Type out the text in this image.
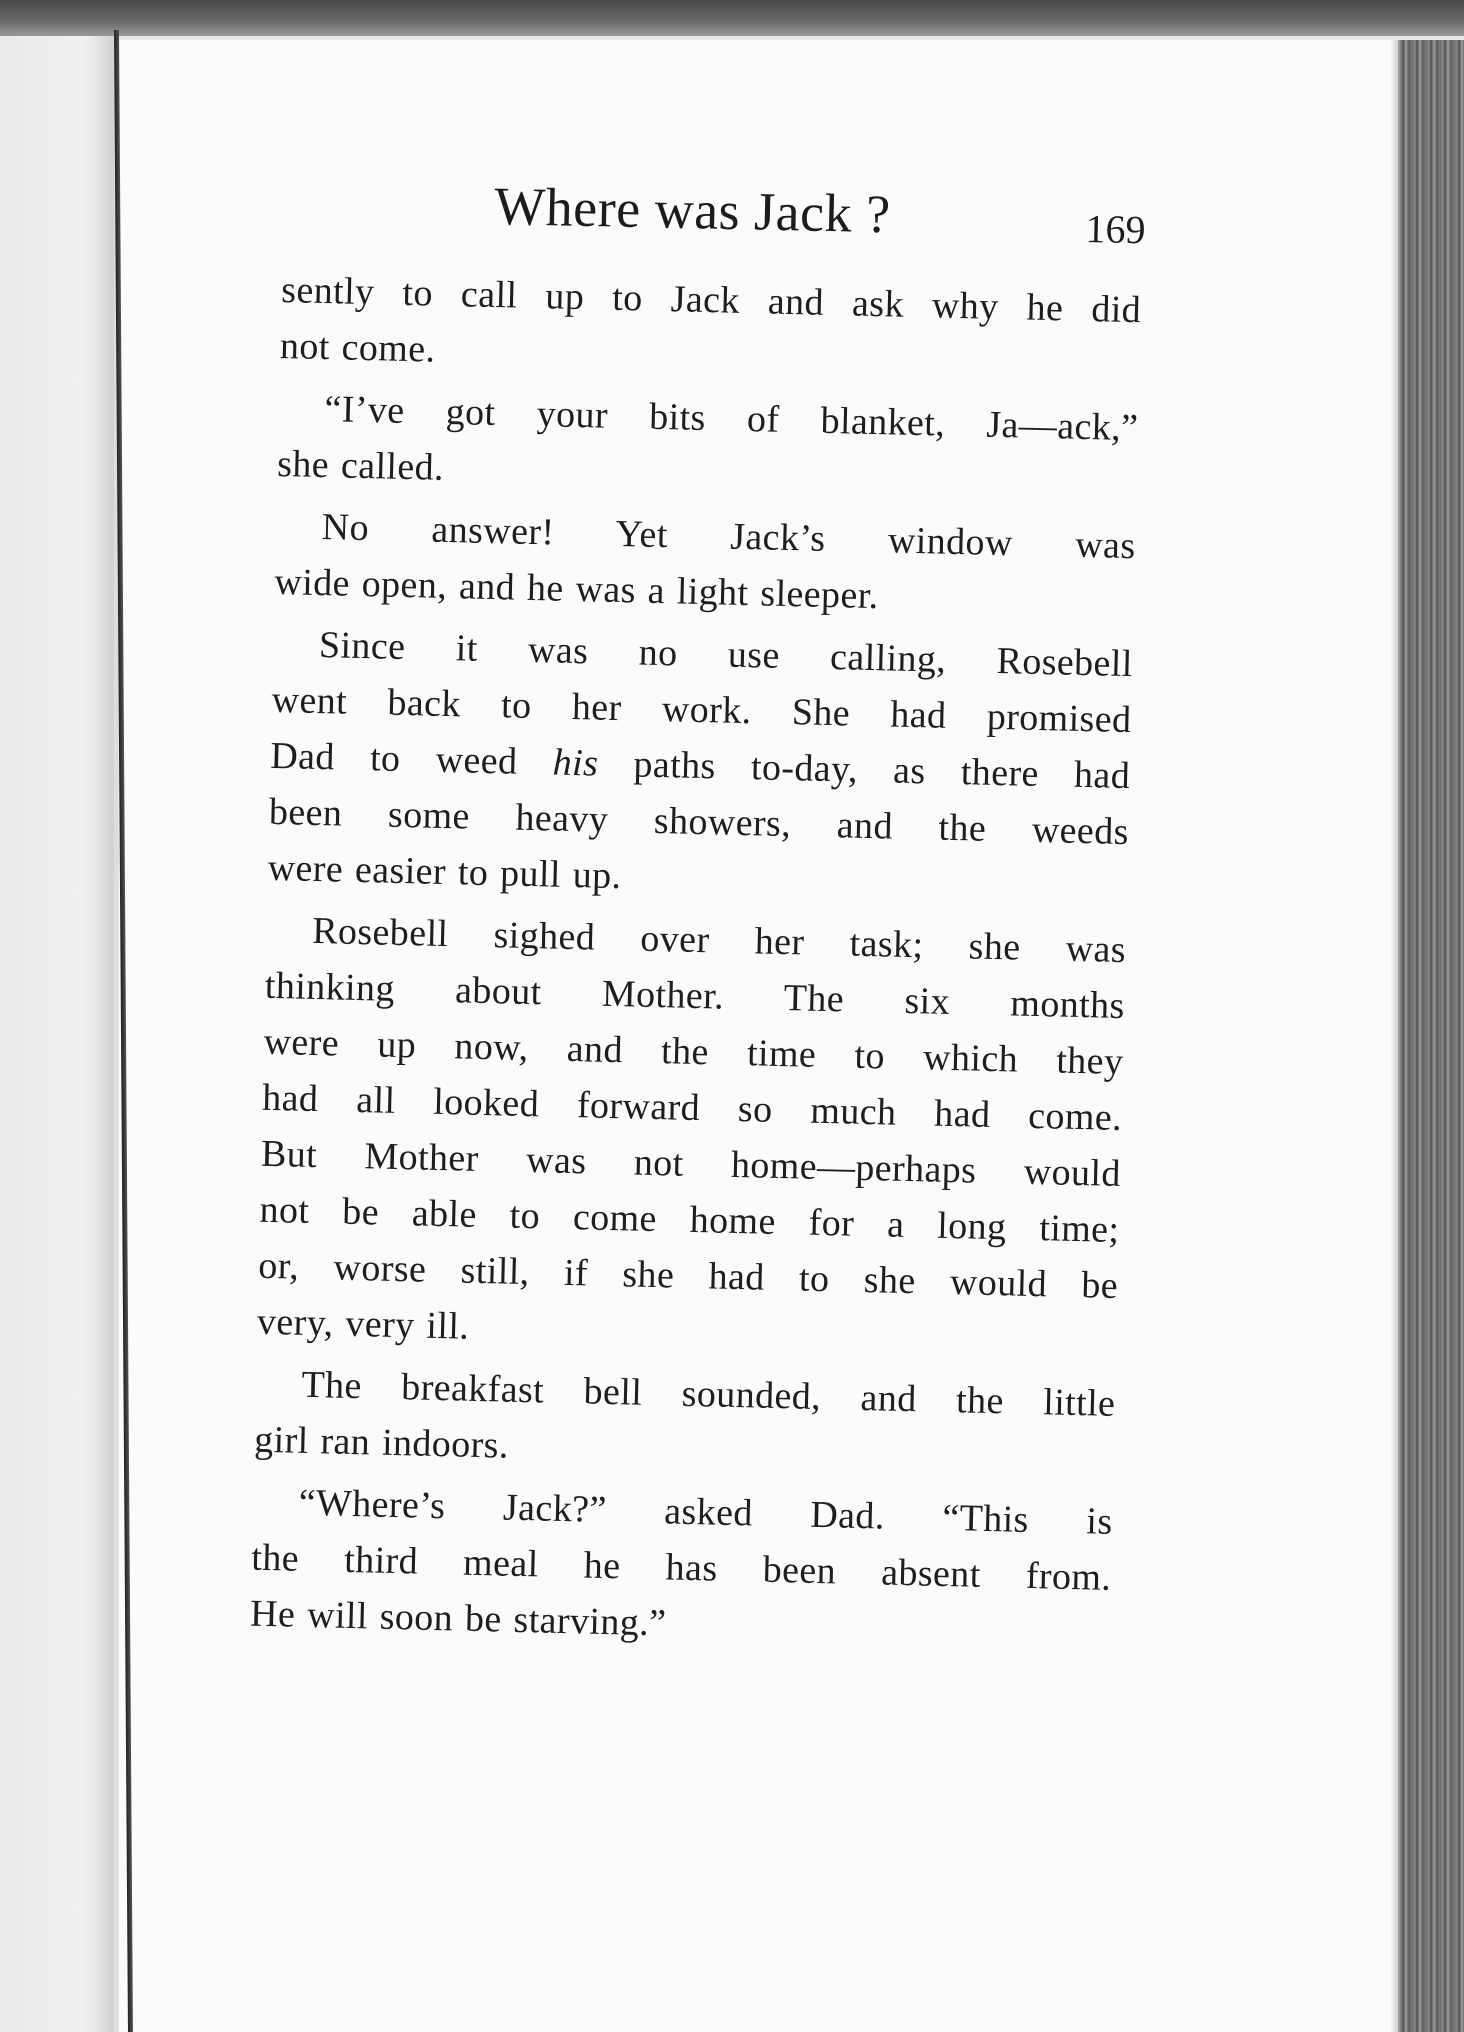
Where was Jack ?	169
sently to call up to Jack and ask why he did
not come.
“I’ve got your bits of blanket, Ja—ack,”
she called.
No answer! Yet Jack’s window was
wide open, and he was a light sleeper.
Since it was no use calling, Rosebell
went back to her work. She had promised
Dad to weed his paths to-day, as there had
been some heavy showers, and the weeds
were easier to pull up.
Rosebell sighed over her task; she was
thinking about Mother. The six months
were up now, and the time to which they
had all looked forward so much had come.
But Mother was not home—perhaps would
not be able to come home for a long time;
or, worse still, if she had to she would be
very, very ill.
The breakfast bell sounded, and the little
girl ran indoors.
“Where’s Jack?” asked Dad. “This is
the third meal he has been absent from.
He will soon be starving.”
